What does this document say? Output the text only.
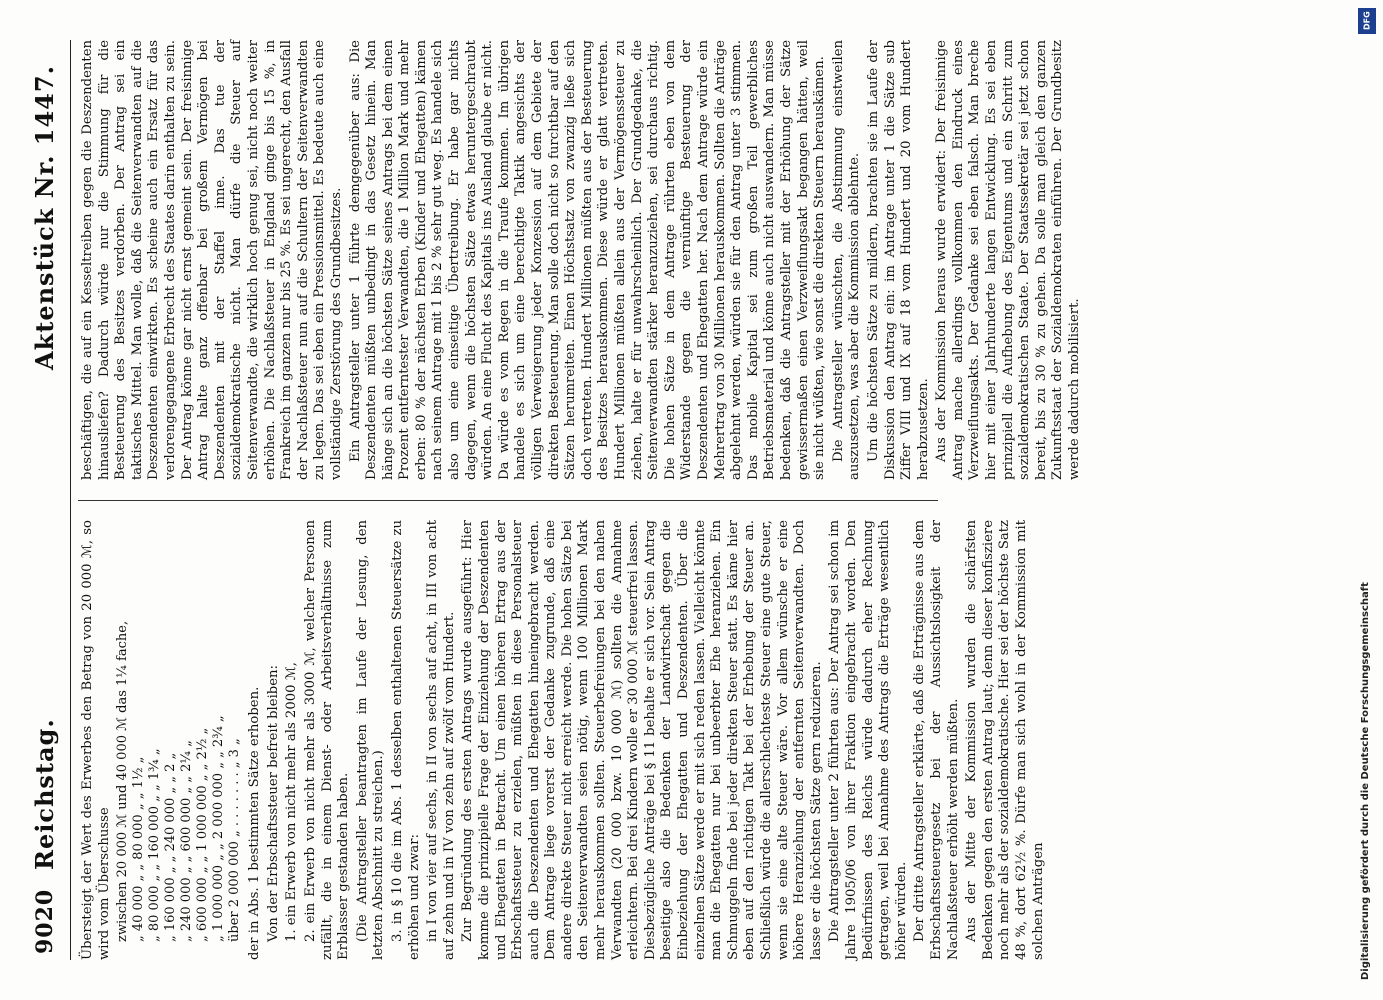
9020
Reichstag.
Aktenstück Nr. 1447.

Übersteigt der Wert des Erwerbes den Betrag von 20 000 ℳ, so wird vom Überschusse zwischen 20 000 ℳ und 40 000 ℳ das 1¼ fache, „ 40 000 „ „ 80 000 „ „ 1½ „ „ 80 000 „ „ 160 000 „ „ 1¾ „ „ 160 000 „ „ 240 000 „ „ 2 „ „ 240 000 „ „ 600 000 „ „ 2¼ „ „ 600 000 „ „ 1 000 000 „ „ 2½ „ „ 1 000 000 „ „ 2 000 000 „ „ 2¾ „ über 2 000 000 „ . . . . . . . „ 3 „ der in Abs. 1 bestimmten Sätze erhoben. Von der Erbschaftssteuer befreit bleiben: 1. ein Erwerb von nicht mehr als 2000 ℳ, 2. ein Erwerb von nicht mehr als 3000 ℳ, welcher Personen zufällt, die in einem Dienst- oder Arbeitsverhältnisse zum Erblasser gestanden haben. (Die Antragsteller beantragten im Laufe der Lesung, den letzten Abschnitt zu streichen.) 3. in § 10 die im Abs. 1 desselben enthaltenen Steuersätze zu erhöhen und zwar: in I von vier auf sechs, in II von sechs auf acht, in III von acht auf zehn und in IV von zehn auf zwölf vom Hundert. Zur Begründung des ersten Antrags wurde ausgeführt: Hier komme die prinzipielle Frage der Einziehung der Deszendenten und Ehegatten in Betracht. Um einen höheren Ertrag aus der Erbschaftssteuer zu erzielen, müßten in diese Personalsteuer auch die Deszendenten und Ehegatten hineingebracht werden. Dem Antrage liege vorerst der Gedanke zugrunde, daß eine andere direkte Steuer nicht erreicht werde. Die hohen Sätze bei den Seitenverwandten seien nötig, wenn 100 Millionen Mark mehr herauskommen sollten. Steuerbefreiungen bei den nahen Verwandten (20 000 bzw. 10 000 ℳ) sollten die Annahme erleichtern. Bei drei Kindern wolle er 30 000 ℳ steuerfrei lassen. Diesbezügliche Anträge bei § 11 behalte er sich vor. Sein Antrag beseitige also die Bedenken der Landwirtschaft gegen die Einbeziehung der Ehegatten und Deszendenten. Über die einzelnen Sätze werde er mit sich reden lassen. Vielleicht könnte man die Ehegatten nur bei unbeerbter Ehe heranziehen. Ein Schmuggeln finde bei jeder direkten Steuer statt. Es käme hier eben auf den richtigen Takt bei der Erhebung der Steuer an. Schließlich würde die allerschlechteste Steuer eine gute Steuer, wenn sie eine alte Steuer wäre. Vor allem wünsche er eine höhere Heranziehung der entfernten Seitenverwandten. Doch lasse er die höchsten Sätze gern reduzieren. Die Antragsteller unter 2 führten aus: Der Antrag sei schon im Jahre 1905/06 von ihrer Fraktion eingebracht worden. Den Bedürfnissen des Reichs würde dadurch eher Rechnung getragen, weil bei Annahme des Antrags die Erträge wesentlich höher würden. Der dritte Antragsteller erklärte, daß die Erträgnisse aus dem Erbschaftssteuergesetz bei der Aussichtslosigkeit der Nachlaßsteuer erhöht werden müßten. Aus der Mitte der Kommission wurden die schärfsten Bedenken gegen den ersten Antrag laut; denn dieser konfisziere noch mehr als der sozialdemokratische. Hier sei der höchste Satz 48 %, dort 62½ %. Dürfe man sich wohl in der Kommission mit solchen Anträgen

beschäftigen, die auf ein Kesseltreiben gegen die Deszendenten hinausliefen? Dadurch würde nur die Stimmung für die Besteuerung des Besitzes verdorben. Der Antrag sei ein taktisches Mittel. Man wolle, daß die Seitenverwandten auf die Deszendenten einwirkten. Es scheine auch ein Ersatz für das verlorengegangene Erbrecht des Staates darin enthalten zu sein. Der Antrag könne gar nicht ernst gemeint sein. Der freisinnige Antrag halte ganz offenbar bei großem Vermögen bei Deszendenten mit der Staffel inne. Das tue der sozialdemokratische nicht. Man dürfe die Steuer auf Seitenverwandte, die wirklich hoch genug sei, nicht noch weiter erhöhen. Die Nachlaßsteuer in England ginge bis 15 %, in Frankreich im ganzen nur bis 25 %. Es sei ungerecht, den Ausfall der Nachlaßsteuer nun auf die Schultern der Seitenverwandten zu legen. Das sei eben ein Pressionsmittel. Es bedeute auch eine vollständige Zerstörung des Grundbesitzes. Ein Antragsteller unter 1 führte demgegenüber aus: Die Deszendenten müßten unbedingt in das Gesetz hinein. Man hänge sich an die höchsten Sätze seines Antrags bei dem einen Prozent entferntester Verwandten, die 1 Million Mark und mehr erben: 80 % der nächsten Erben (Kinder und Ehegatten) kämen nach seinem Antrage mit 1 bis 2 % sehr gut weg. Es handele sich also um eine einseitige Übertreibung. Er habe gar nichts dagegen, wenn die höchsten Sätze etwas heruntergeschraubt würden. An eine Flucht des Kapitals ins Ausland glaube er nicht. Da würde es vom Regen in die Traufe kommen. Im übrigen handele es sich um eine berechtigte Taktik angesichts der völligen Verweigerung jeder Konzession auf dem Gebiete der direkten Besteuerung. Man solle doch nicht so furchtbar auf den Sätzen herumreiten. Einen Höchstsatz von zwanzig ließe sich doch vertreten. Hundert Millionen müßten aus der Besteuerung des Besitzes herauskommen. Diese würde er glatt vertreten. Hundert Millionen müßten allein aus der Vermögenssteuer zu ziehen, halte er für unwahrscheinlich. Der Grundgedanke, die Seitenverwandten stärker heranzuziehen, sei durchaus richtig. Die hohen Sätze in dem Antrage rührten eben von dem Widerstande gegen die vernünftige Besteuerung der Deszendenten und Ehegatten her. Nach dem Antrage würde ein Mehrertrag von 30 Millionen herauskommen. Sollten die Anträge abgelehnt werden, würden sie für den Antrag unter 3 stimmen. Das mobile Kapital sei zum großen Teil gewerbliches Betriebsmaterial und könne auch nicht auswandern. Man müsse bedenken, daß die Antragsteller mit der Erhöhung der Sätze gewissermaßen einen Verzweiflungsakt begangen hätten, weil sie nicht wüßten, wie sonst die direkten Steuern herauskämen. Die Antragsteller wünschten, die Abstimmung einstweilen auszusetzen, was aber die Kommission ablehnte. Um die höchsten Sätze zu mildern, brachten sie im Laufe der Diskussion den Antrag ein: im Antrage unter 1 die Sätze sub Ziffer VIII und IX auf 18 vom Hundert und 20 vom Hundert herabzusetzen. Aus der Kommission heraus wurde erwidert: Der freisinnige Antrag mache allerdings vollkommen den Eindruck eines Verzweiflungsakts. Der Gedanke sei eben falsch. Man breche hier mit einer Jahrhunderte langen Entwicklung. Es sei eben prinzipiell die Aufhebung des Eigentums und ein Schritt zum sozialdemokratischen Staate. Der Staatssekretär sei jetzt schon bereit, bis zu 30 % zu gehen. Da solle man gleich den ganzen Zukunftsstaat der Sozialdemokraten einführen. Der Grundbesitz werde dadurch mobilisiert.

DFG
Digitalisierung gefördert durch die Deutsche Forschungsgemeinschaft
